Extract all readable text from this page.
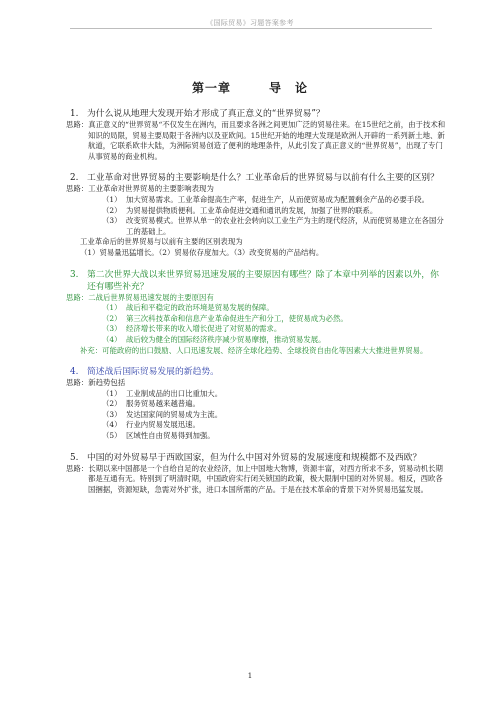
《国际贸易》习题答案参考
第一章	导　论
1. 为什么说从地理大发现开始才形成了真正意义的“世界贸易”？
思路：真正意义的“世界贸易“不仅发生在洲内，而且要求各洲之间更加广泛的贸易往来。在15世纪之前，由于技术和知识的局限，贸易主要局限于各洲内以及亚欧间。15世纪开始的地理大发现是欧洲人开辟的一系列新土地、新航道，它联系欧非大陆，为洲际贸易创造了便利的地理条件，从此引发了真正意义的“世界贸易”，出现了专门从事贸易的商业机构。
2. 工业革命对世界贸易的主要影响是什么？工业革命后的世界贸易与以前有什么主要的区别？
思路：工业革命对世界贸易的主要影响表现为
（1） 加大贸易需求。工业革命提高生产率，促进生产，从而使贸易成为配置剩余产品的必要手段。
（2） 为贸易提供物质便利。工业革命促进交通和通讯的发展，加强了世界的联系。
（3） 改变贸易模式。世界从单一的农业社会转向以工业生产为主的现代经济，从而使贸易建立在各国分工的基础上。
工业革命后的世界贸易与以前有主要的区别表现为
（1）贸易量迅猛增长。（2）贸易依存度加大。（3）改变贸易的产品结构。
3. 第二次世界大战以来世界贸易迅速发展的主要原因有哪些？除了本章中列举的因素以外，你还有哪些补充？
思路：二战后世界贸易迅速发展的主要原因有
（1） 战后和平稳定的政治环境是贸易发展的保障。
（2） 第三次科技革命和信息产业革命促进生产和分工，使贸易成为必然。
（3） 经济增长带来的收入增长促进了对贸易的需求。
（4） 战后较为健全的国际经济秩序减少贸易摩擦，推动贸易发展。
补充：可能政府的出口鼓励、人口迅速发展、经济全球化趋势、全球投资自由化等因素大大推进世界贸易。
4. 简述战后国际贸易发展的新趋势。
思路：新趋势包括
（1） 工业制成品的出口比重加大。
（2） 服务贸易越来越普遍。
（3） 发达国家间的贸易成为主流。
（4） 行业内贸易发展迅速。
（5） 区域性自由贸易得到加强。
5. 中国的对外贸易早于西欧国家，但为什么中国对外贸易的发展速度和规模都不及西欧？
思路：长期以来中国都是一个自给自足的农业经济，加上中国地大物博，资源丰富，对西方所求不多，贸易动机长期都是互通有无。特别到了明清时期，中国政府实行闭关锁国的政策，极大限制中国的对外贸易。相反，西欧各国捆据，资源短缺，急需对外扩张，进口本国所需的产品。于是在技术革命的背景下对外贸易迅猛发展。
1
